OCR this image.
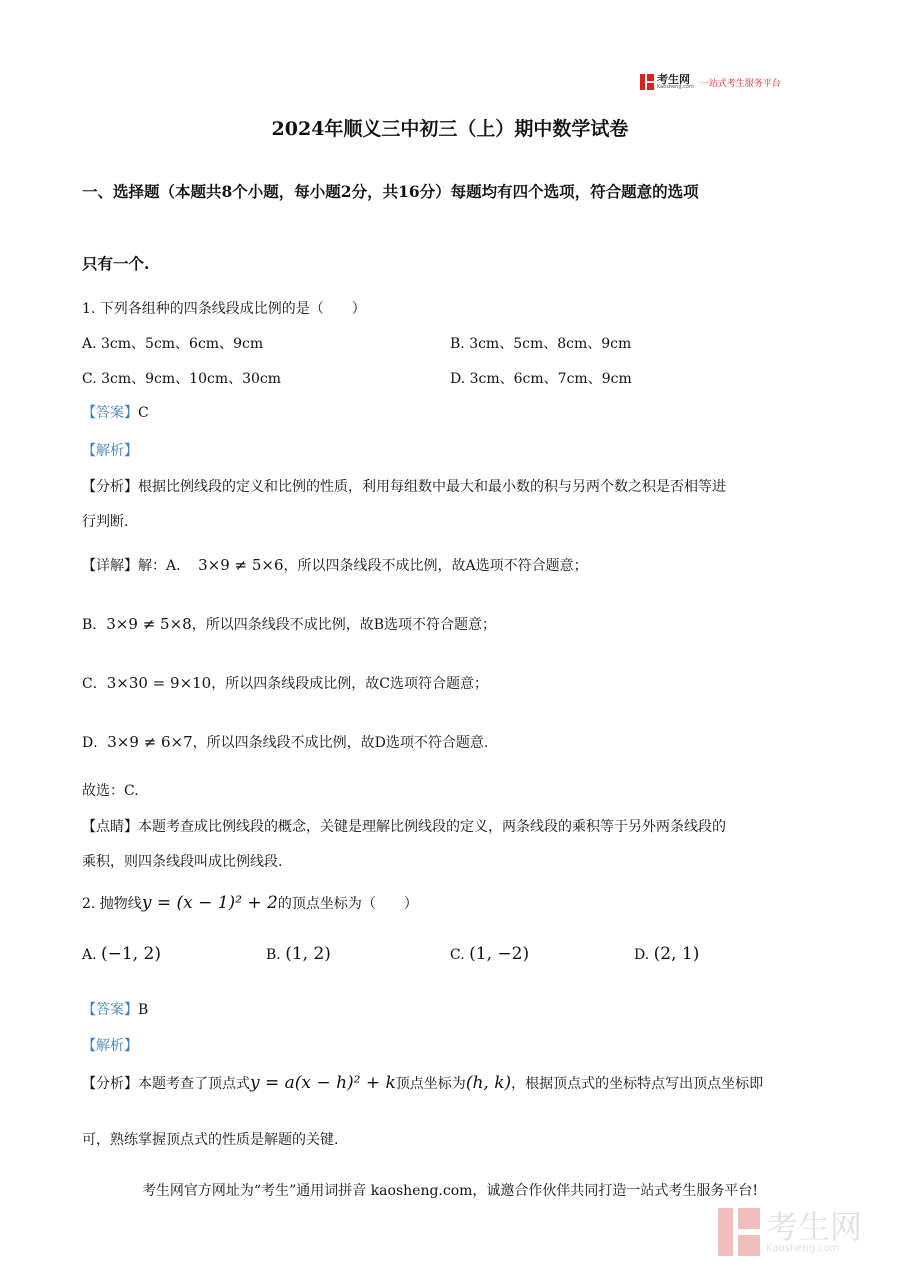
考生网
Kaosheng.com 一站式考生服务平台
2024年顺义三中初三（上）期中数学试卷
一、选择题（本题共8个小题，每小题2分，共16分）每题均有四个选项，符合题意的选项
只有一个.
1. 下列各组种的四条线段成比例的是（　　）
A. 3cm、5cm、6cm、9cm	B. 3cm、5cm、8cm、9cm
C. 3cm、9cm、10cm、30cm	D. 3cm、6cm、7cm、9cm
【答案】C
【解析】
【分析】根据比例线段的定义和比例的性质，利用每组数中最大和最小数的积与另两个数之积是否相等进
行判断.
【详解】解：A． 3×9 ≠ 5×6，所以四条线段不成比例，故A选项不符合题意；
B．3×9 ≠ 5×8，所以四条线段不成比例，故B选项不符合题意；
C．3×30 = 9×10，所以四条线段成比例，故C选项符合题意；
D．3×9 ≠ 6×7，所以四条线段不成比例，故D选项不符合题意.
故选：C.
【点睛】本题考查成比例线段的概念，关键是理解比例线段的定义，两条线段的乘积等于另外两条线段的
乘积，则四条线段叫成比例线段.
2. 抛物线y = (x − 1)² + 2的顶点坐标为（　　）
A. (−1, 2)	B. (1, 2)	C. (1, −2)	D. (2, 1)
【答案】B
【解析】
【分析】本题考查了顶点式y = a(x − h)² + k顶点坐标为(h, k)，根据顶点式的坐标特点写出顶点坐标即
可，熟练掌握顶点式的性质是解题的关键.
考生网官方网址为“考生”通用词拼音 kaosheng.com，诚邀合作伙伴共同打造一站式考生服务平台!
考生网
Kaosheng.com
